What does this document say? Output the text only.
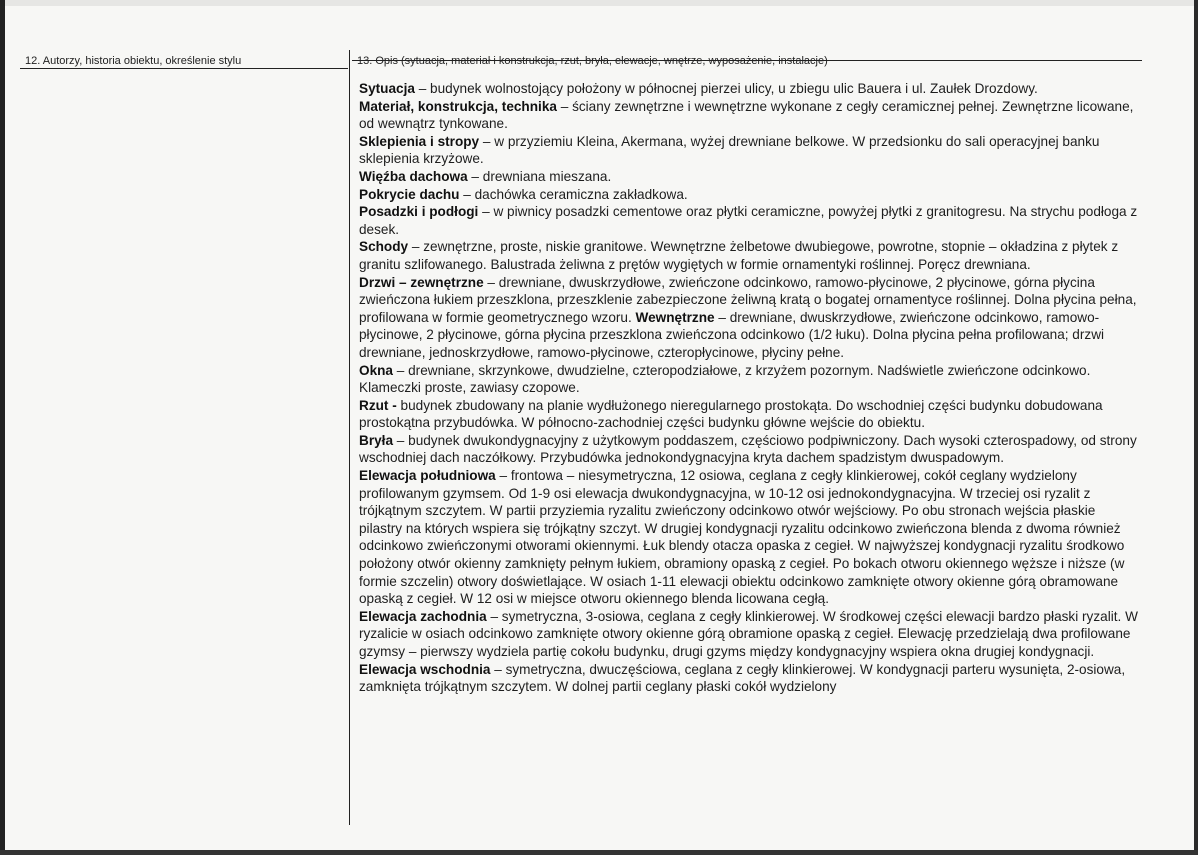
12. Autorzy, historia obiektu, określenie stylu	13. Opis (sytuacja, materiał i konstrukcja, rzut, bryła, elewacje, wnętrze, wyposażenie, instalacje)

Sytuacja – budynek wolnostojący położony w północnej pierzei ulicy, u zbiegu ulic Bauera i ul. Zaułek Drozdowy.

Materiał, konstrukcja, technika – ściany zewnętrzne i wewnętrzne wykonane z cegły ceramicznej pełnej. Zewnętrzne licowane, od wewnątrz tynkowane.

Sklepienia i stropy – w przyziemiu Kleina, Akermana, wyżej drewniane belkowe. W przedsionku do sali operacyjnej banku sklepienia krzyżowe.

Więźba dachowa – drewniana mieszana.

Pokrycie dachu – dachówka ceramiczna zakładkowa.

Posadzki i podłogi – w piwnicy posadzki cementowe oraz płytki ceramiczne, powyżej płytki z granitogresu. Na strychu podłoga z desek.

Schody – zewnętrzne, proste, niskie granitowe. Wewnętrzne żelbetowe dwubiegowe, powrotne, stopnie – okładzina z płytek z granitu szlifowanego. Balustrada żeliwna z prętów wygiętych w formie ornamentyki roślinnej. Poręcz drewniana.

Drzwi – zewnętrzne – drewniane, dwuskrzydłowe, zwieńczone odcinkowo, ramowo-płycinowe, 2 płycinowe, górna płycina zwieńczona łukiem przeszklona, przeszklenie zabezpieczone żeliwną kratą o bogatej ornamentyce roślinnej. Dolna płycina pełna, profilowana w formie geometrycznego wzoru. Wewnętrzne – drewniane, dwuskrzydłowe, zwieńczone odcinkowo, ramowo-płycinowe, 2 płycinowe, górna płycina przeszklona zwieńczona odcinkowo (1/2 łuku). Dolna płycina pełna profilowana; drzwi drewniane, jednoskrzydłowe, ramowo-płycinowe, czteropłycinowe, płyciny pełne.

Okna – drewniane, skrzynkowe, dwudzielne, czteropodziałowe, z krzyżem pozornym. Nadświetle zwieńczone odcinkowo. Klameczki proste, zawiasy czopowe.

Rzut - budynek zbudowany na planie wydłużonego nieregularnego prostokąta. Do wschodniej części budynku dobudowana prostokątna przybudówka. W północno-zachodniej części budynku główne wejście do obiektu.

Bryła – budynek dwukondygnacyjny z użytkowym poddaszem, częściowo podpiwniczony. Dach wysoki czterospadowy, od strony wschodniej dach naczółkowy. Przybudówka jednokondygnacyjna kryta dachem spadzistym dwuspadowym.

Elewacja południowa – frontowa – niesymetryczna, 12 osiowa, ceglana z cegły klinkierowej, cokół ceglany wydzielony profilowanym gzymsem. Od 1-9 osi elewacja dwukondygnacyjna, w 10-12 osi jednokondygnacyjna. W trzeciej osi ryzalit z trójkątnym szczytem. W partii przyziemia ryzalitu zwieńczony odcinkowo otwór wejściowy. Po obu stronach wejścia płaskie pilastry na których wspiera się trójkątny szczyt. W drugiej kondygnacji ryzalitu odcinkowo zwieńczona blenda z dwoma również odcinkowo zwieńczonymi otworami okiennymi. Łuk blendy otacza opaska z cegieł. W najwyższej kondygnacji ryzalitu środkowo położony otwór okienny zamknięty pełnym łukiem, obramiony opaską z cegieł. Po bokach otworu okiennego węższe i niższe (w formie szczelin) otwory doświetlające. W osiach 1-11 elewacji obiektu odcinkowo zamknięte otwory okienne górą obramowane opaską z cegieł. W 12 osi w miejsce otworu okiennego blenda licowana cegłą.

Elewacja zachodnia – symetryczna, 3-osiowa, ceglana z cegły klinkierowej. W środkowej części elewacji bardzo płaski ryzalit. W ryzalicie w osiach odcinkowo zamknięte otwory okienne górą obramione opaską z cegieł. Elewację przedzielają dwa profilowane gzymsy – pierwszy wydziela partię cokołu budynku, drugi gzyms między kondygnacyjny wspiera okna drugiej kondygnacji.

Elewacja wschodnia – symetryczna, dwuczęściowa, ceglana z cegły klinkierowej. W kondygnacji parteru wysunięta, 2-osiowa, zamknięta trójkątnym szczytem. W dolnej partii ceglany płaski cokół wydzielony
